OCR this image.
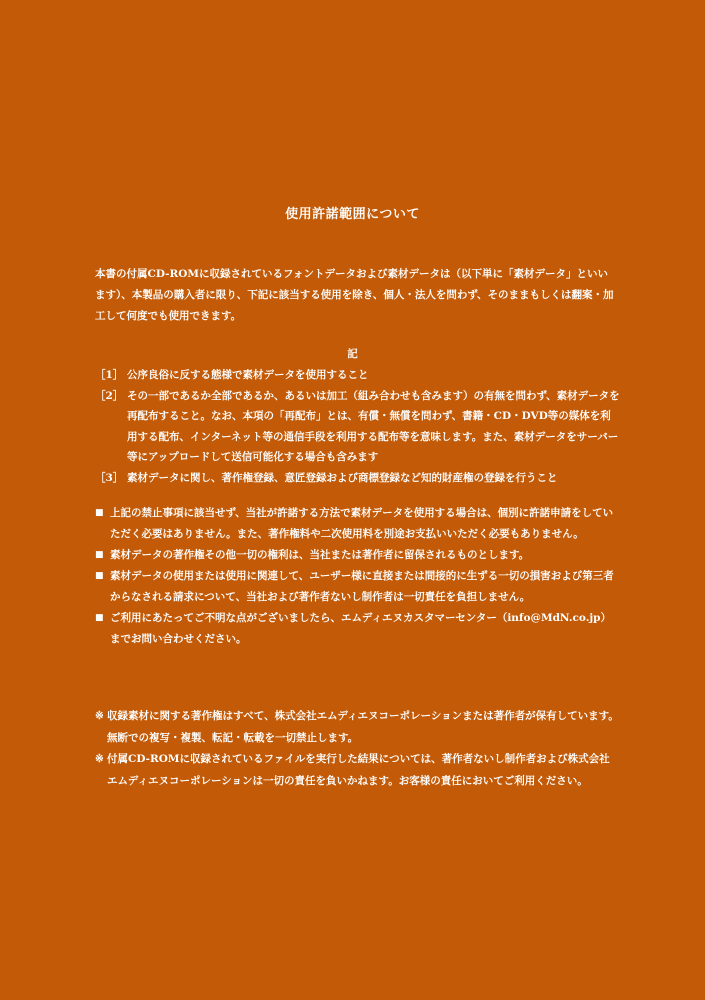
使用許諾範囲について
本書の付属CD-ROMに収録されているフォントデータおよび素材データは（以下単に「素材データ」といいます）、本製品の購入者に限り、下記に該当する使用を除き、個人・法人を問わず、そのままもしくは翻案・加工して何度でも使用できます。
記
［1］ 公序良俗に反する態様で素材データを使用すること
［2］ その一部であるか全部であるか、あるいは加工（組み合わせも含みます）の有無を問わず、素材データを再配布すること。なお、本項の「再配布」とは、有償・無償を問わず、書籍・CD・DVD等の媒体を利用する配布、インターネット等の通信手段を利用する配布等を意味します。また、素材データをサーバー等にアップロードして送信可能化する場合も含みます
［3］ 素材データに関し、著作権登録、意匠登録および商標登録など知的財産権の登録を行うこと
■ 上記の禁止事項に該当せず、当社が許諾する方法で素材データを使用する場合は、個別に許諾申請をしていただく必要はありません。また、著作権料や二次使用料を別途お支払いいただく必要もありません。
■ 素材データの著作権その他一切の権利は、当社または著作者に留保されるものとします。
■ 素材データの使用または使用に関連して、ユーザー様に直接または間接的に生ずる一切の損害および第三者からなされる請求について、当社および著作者ないし制作者は一切責任を負担しません。
■ ご利用にあたってご不明な点がございましたら、エムディエヌカスタマーセンター（info@MdN.co.jp）までお問い合わせください。
※ 収録素材に関する著作権はすべて、株式会社エムディエヌコーポレーションまたは著作者が保有しています。無断での複写・複製、転記・転載を一切禁止します。
※ 付属CD-ROMに収録されているファイルを実行した結果については、著作者ないし制作者および株式会社エムディエヌコーポレーションは一切の責任を負いかねます。お客様の責任においてご利用ください。
